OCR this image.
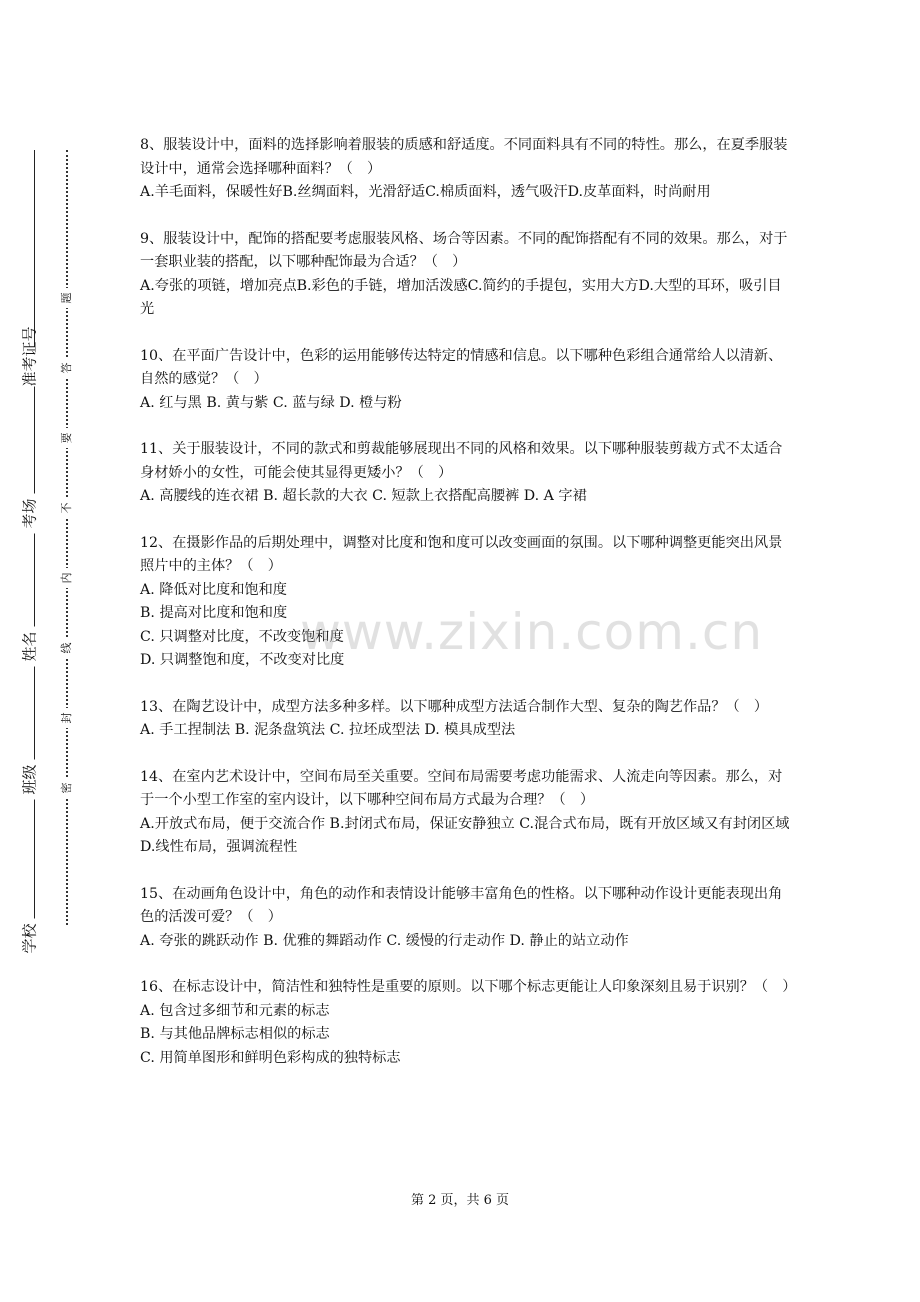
准考证号
考场
姓名
班级
学校
题
答
要
不
内
线
封
密

8、服装设计中，面料的选择影响着服装的质感和舒适度。不同面料具有不同的特性。那么，在夏季服装设计中，通常会选择哪种面料？（　）

A.羊毛面料，保暖性好B.丝绸面料，光滑舒适C.棉质面料，透气吸汗D.皮革面料，时尚耐用

9、服装设计中，配饰的搭配要考虑服装风格、场合等因素。不同的配饰搭配有不同的效果。那么，对于一套职业装的搭配，以下哪种配饰最为合适？（　）

A.夸张的项链，增加亮点B.彩色的手链，增加活泼感C.简约的手提包，实用大方D.大型的耳环，吸引目光

10、在平面广告设计中，色彩的运用能够传达特定的情感和信息。以下哪种色彩组合通常给人以清新、自然的感觉？（　）

A. 红与黑 B. 黄与紫 C. 蓝与绿 D. 橙与粉

11、关于服装设计，不同的款式和剪裁能够展现出不同的风格和效果。以下哪种服装剪裁方式不太适合身材娇小的女性，可能会使其显得更矮小？（　）

A. 高腰线的连衣裙 B. 超长款的大衣 C. 短款上衣搭配高腰裤 D. A 字裙

12、在摄影作品的后期处理中，调整对比度和饱和度可以改变画面的氛围。以下哪种调整更能突出风景照片中的主体？（　）

A. 降低对比度和饱和度

B. 提高对比度和饱和度

C. 只调整对比度，不改变饱和度

D. 只调整饱和度，不改变对比度

13、在陶艺设计中，成型方法多种多样。以下哪种成型方法适合制作大型、复杂的陶艺作品？（　）

A. 手工捏制法 B. 泥条盘筑法 C. 拉坯成型法 D. 模具成型法

14、在室内艺术设计中，空间布局至关重要。空间布局需要考虑功能需求、人流走向等因素。那么，对于一个小型工作室的室内设计，以下哪种空间布局方式最为合理？（　）

A.开放式布局，便于交流合作 B.封闭式布局，保证安静独立 C.混合式布局，既有开放区域又有封闭区域 D.线性布局，强调流程性

15、在动画角色设计中，角色的动作和表情设计能够丰富角色的性格。以下哪种动作设计更能表现出角色的活泼可爱？（　）

A. 夸张的跳跃动作 B. 优雅的舞蹈动作 C. 缓慢的行走动作 D. 静止的站立动作

16、在标志设计中，简洁性和独特性是重要的原则。以下哪个标志更能让人印象深刻且易于识别？（　）

A. 包含过多细节和元素的标志

B. 与其他品牌标志相似的标志

C. 用简单图形和鲜明色彩构成的独特标志

www.zixin.com.cn
第 2 页，共 6 页
